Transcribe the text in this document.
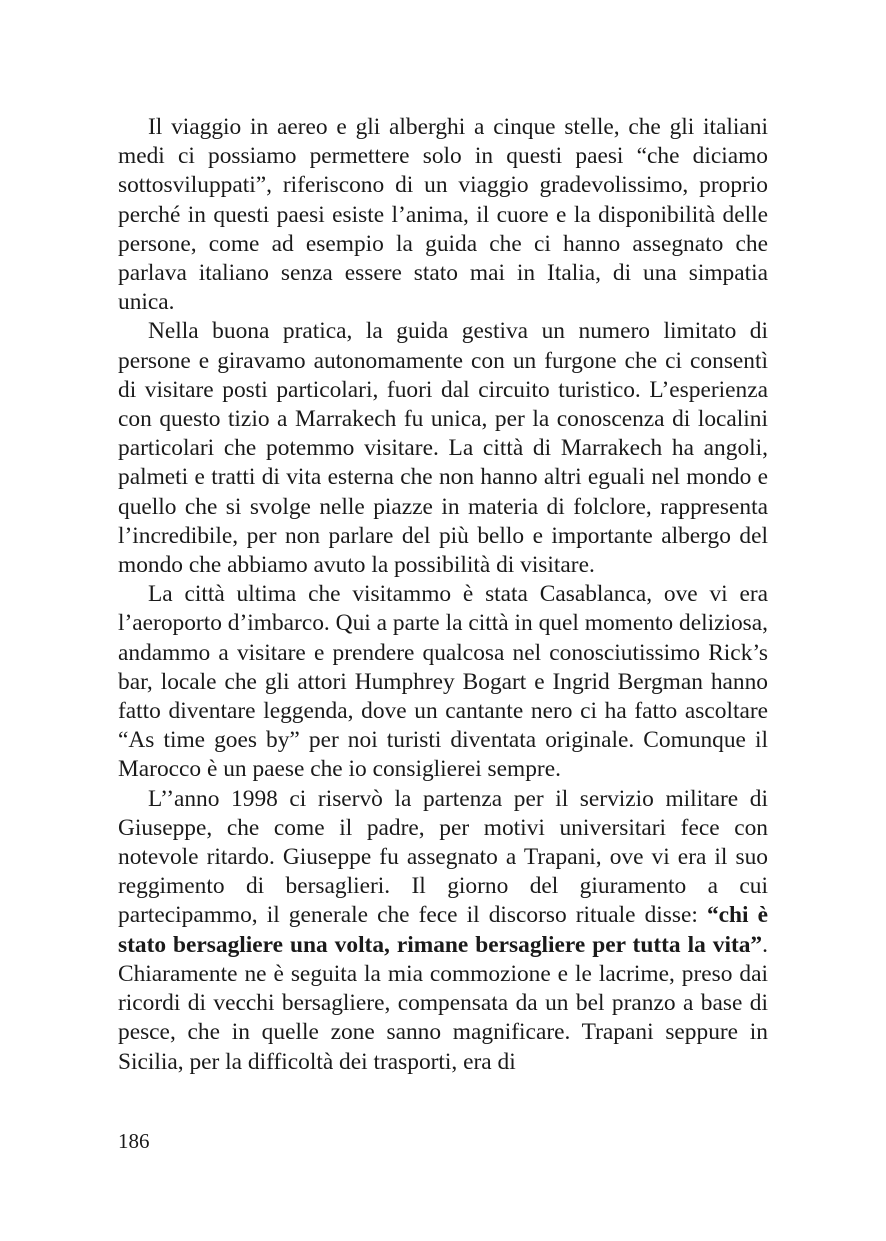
Il viaggio in aereo e gli alberghi a cinque stelle, che gli italiani medi ci possiamo permettere solo in questi paesi “che diciamo sottosviluppati”, riferiscono di un viaggio gradevolissimo, proprio perché in questi paesi esiste l’anima, il cuore e la disponibilità delle persone, come ad esempio la guida che ci hanno assegnato che parlava italiano senza essere stato mai in Italia, di una simpatia unica.

Nella buona pratica, la guida gestiva un numero limitato di persone e giravamo autonomamente con un furgone che ci consentì di visitare posti particolari, fuori dal circuito turistico. L’esperienza con questo tizio a Marrakech fu unica, per la conoscenza di localini particolari che potemmo visitare. La città di Marrakech ha angoli, palmeti e tratti di vita esterna che non hanno altri eguali nel mondo e quello che si svolge nelle piazze in materia di folclore, rappresenta l’incredibile, per non parlare del più bello e importante albergo del mondo che abbiamo avuto la possibilità di visitare.

La città ultima che visitammo è stata Casablanca, ove vi era l’aeroporto d’imbarco. Qui a parte la città in quel momento deliziosa, andammo a visitare e prendere qualcosa nel conosciutissimo Rick’s bar, locale che gli attori Humphrey Bogart e Ingrid Bergman hanno fatto diventare leggenda, dove un cantante nero ci ha fatto ascoltare “As time goes by” per noi turisti diventata originale. Comunque il Marocco è un paese che io consiglierei sempre.

L’’anno 1998 ci riservò la partenza per il servizio militare di Giuseppe, che come il padre, per motivi universitari fece con notevole ritardo. Giuseppe fu assegnato a Trapani, ove vi era il suo reggimento di bersaglieri. Il giorno del giuramento a cui partecipammo, il generale che fece il discorso rituale disse: “chi è stato bersagliere una volta, rimane bersagliere per tutta la vita”. Chiaramente ne è seguita la mia commozione e le lacrime, preso dai ricordi di vecchi bersagliere, compensata da un bel pranzo a base di pesce, che in quelle zone sanno magnificare. Trapani seppure in Sicilia, per la difficoltà dei trasporti, era di

186
